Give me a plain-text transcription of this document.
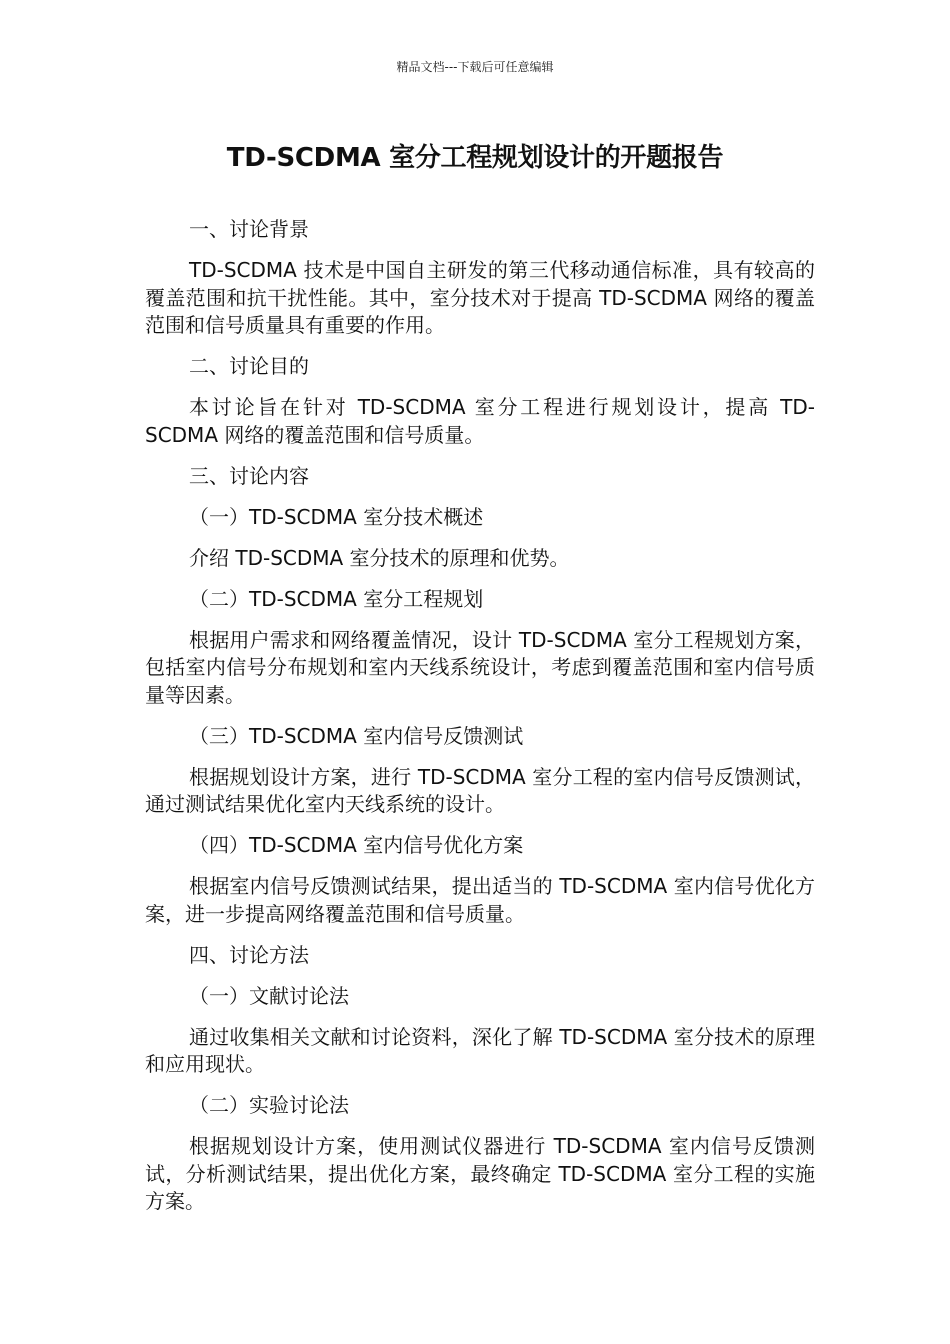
精品文档---下载后可任意编辑
TD-SCDMA 室分工程规划设计的开题报告

一、讨论背景

TD-SCDMA 技术是中国自主研发的第三代移动通信标准，具有较高的覆盖范围和抗干扰性能。其中，室分技术对于提高 TD-SCDMA 网络的覆盖范围和信号质量具有重要的作用。

二、讨论目的

本讨论旨在针对 TD-SCDMA 室分工程进行规划设计，提高 TD-SCDMA 网络的覆盖范围和信号质量。

三、讨论内容

（一）TD-SCDMA 室分技术概述

介绍 TD-SCDMA 室分技术的原理和优势。

（二）TD-SCDMA 室分工程规划

根据用户需求和网络覆盖情况，设计 TD-SCDMA 室分工程规划方案，包括室内信号分布规划和室内天线系统设计，考虑到覆盖范围和室内信号质量等因素。

（三）TD-SCDMA 室内信号反馈测试

根据规划设计方案，进行 TD-SCDMA 室分工程的室内信号反馈测试，通过测试结果优化室内天线系统的设计。

（四）TD-SCDMA 室内信号优化方案

根据室内信号反馈测试结果，提出适当的 TD-SCDMA 室内信号优化方案，进一步提高网络覆盖范围和信号质量。

四、讨论方法

（一）文献讨论法

通过收集相关文献和讨论资料，深化了解 TD-SCDMA 室分技术的原理和应用现状。

（二）实验讨论法

根据规划设计方案，使用测试仪器进行 TD-SCDMA 室内信号反馈测试，分析测试结果，提出优化方案，最终确定 TD-SCDMA 室分工程的实施方案。
